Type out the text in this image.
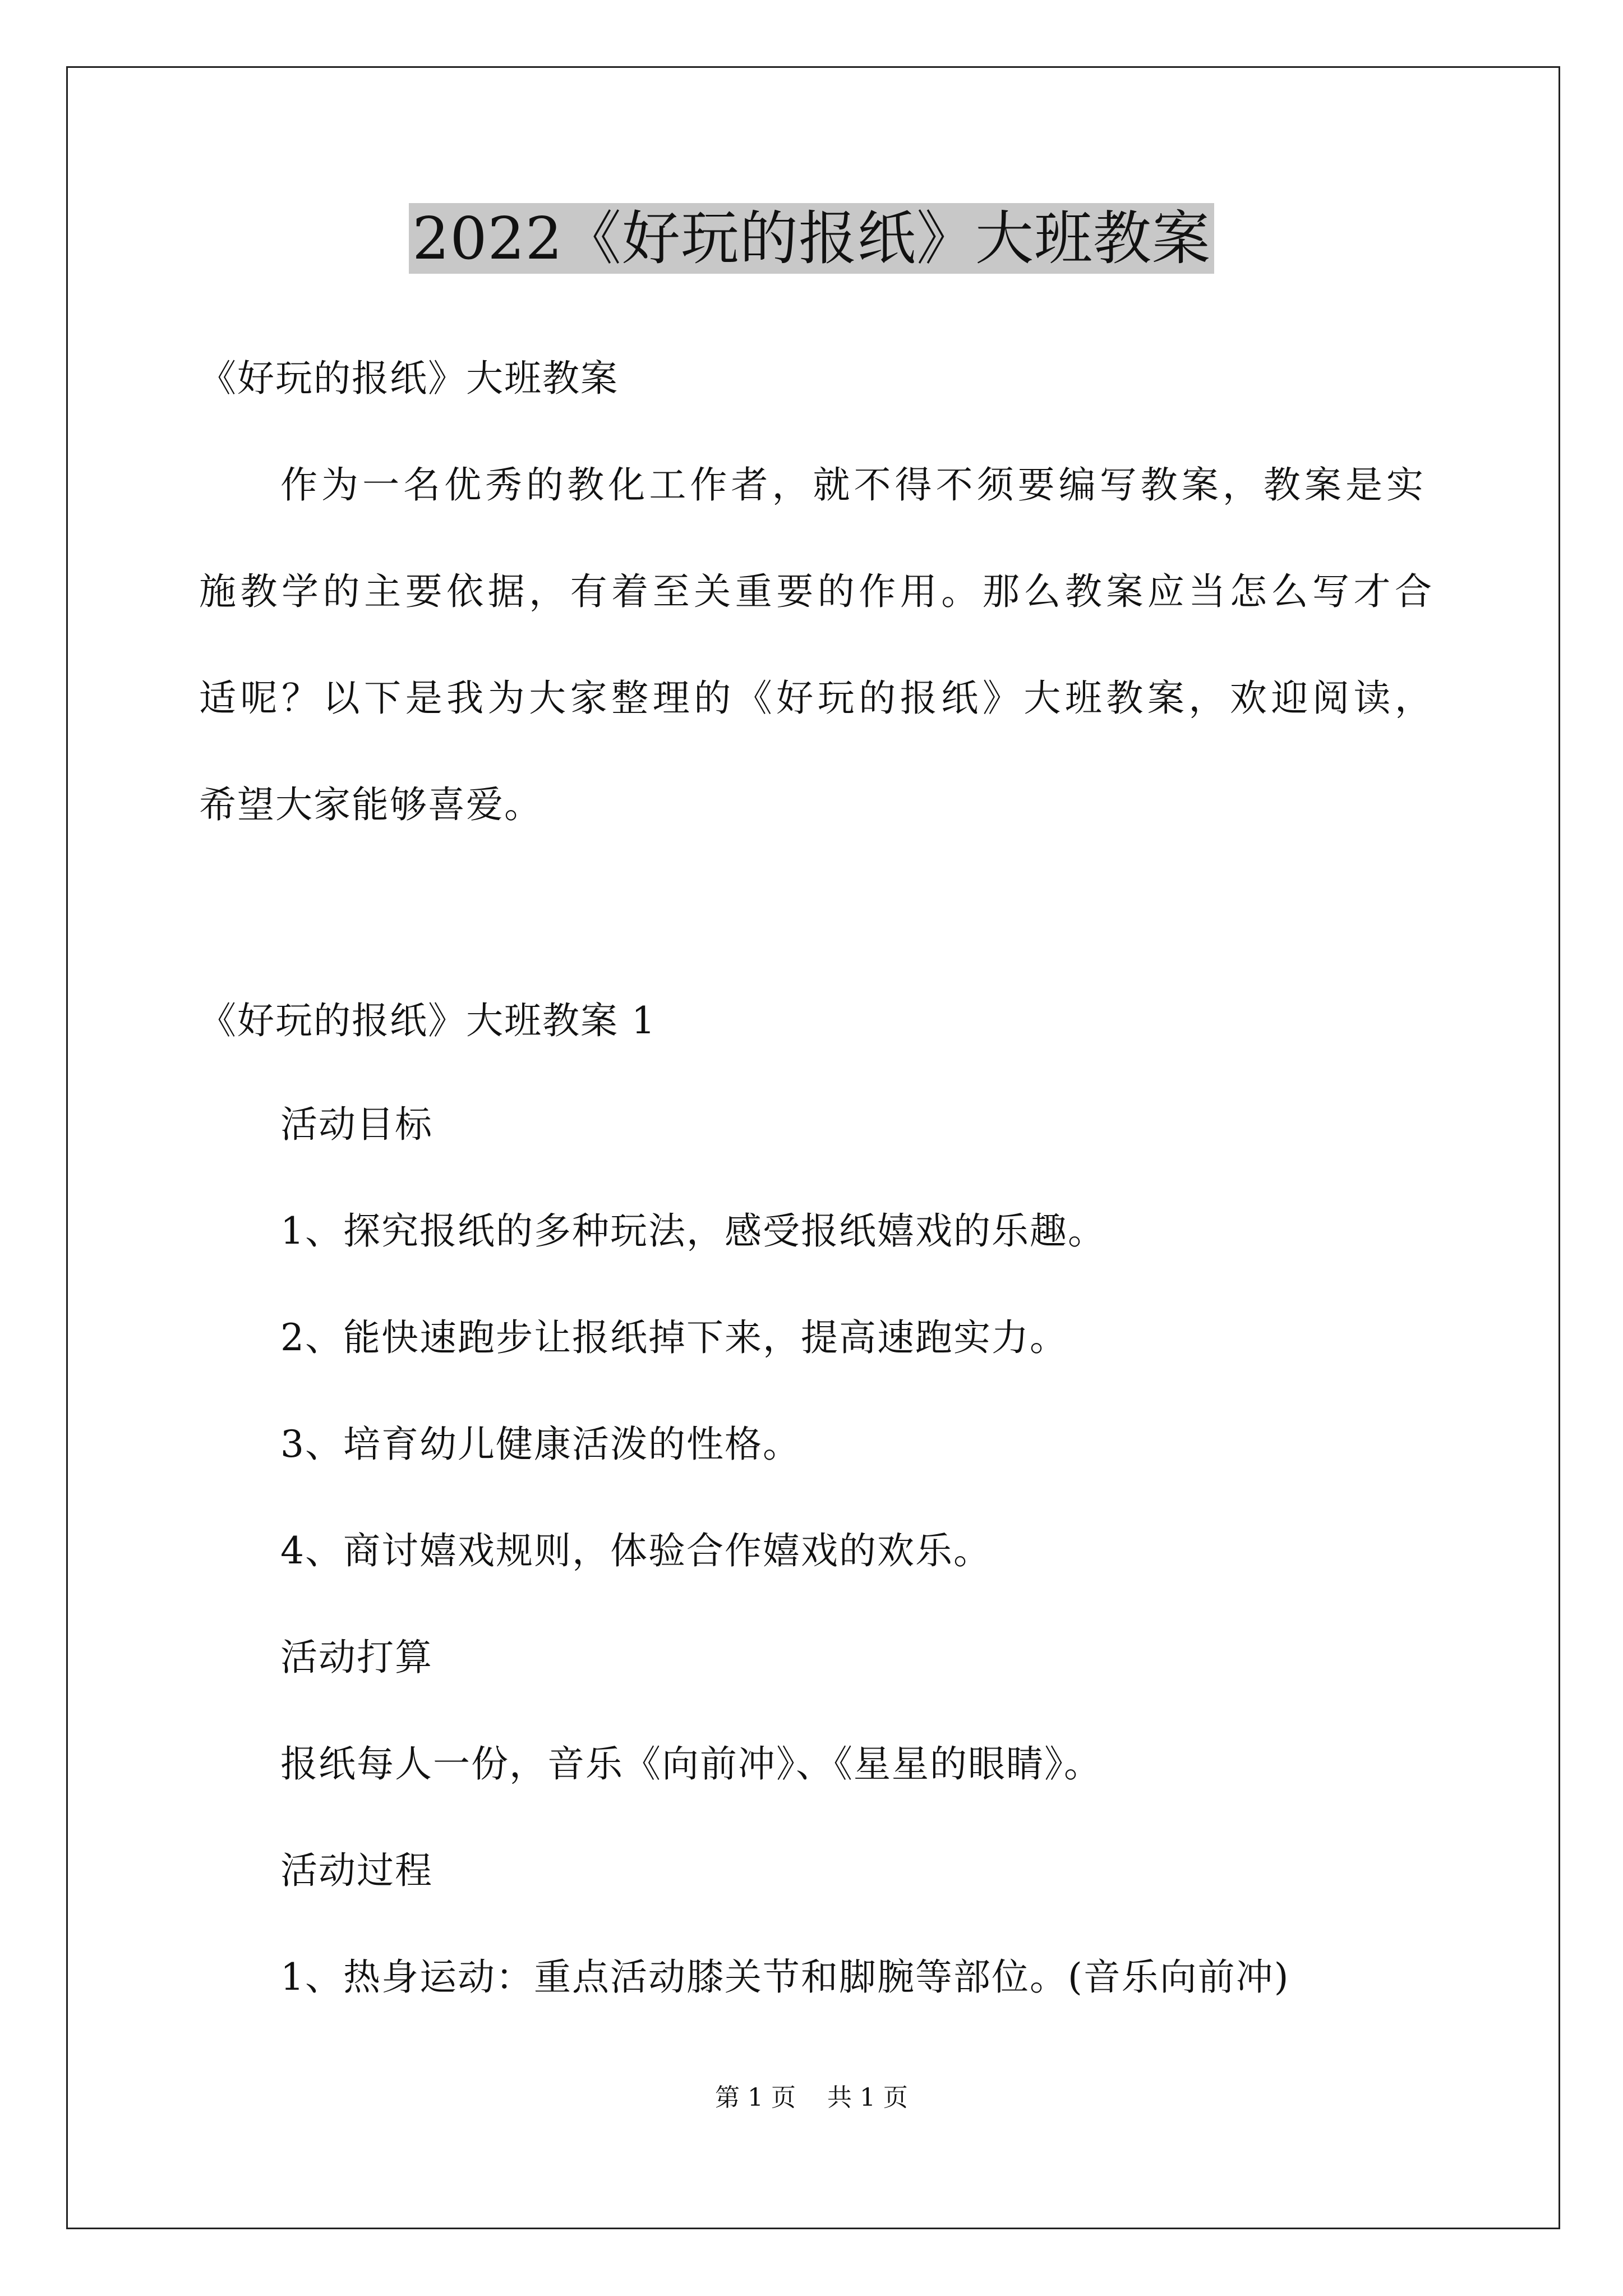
2022《好玩的报纸》大班教案
《好玩的报纸》大班教案
作为一名优秀的教化工作者，就不得不须要编写教案，教案是实
施教学的主要依据，有着至关重要的作用。那么教案应当怎么写才合
适呢？以下是我为大家整理的《好玩的报纸》大班教案，欢迎阅读，
希望大家能够喜爱。
《好玩的报纸》大班教案 1
活动目标
1、探究报纸的多种玩法，感受报纸嬉戏的乐趣。
2、能快速跑步让报纸掉下来，提高速跑实力。
3、培育幼儿健康活泼的性格。
4、商讨嬉戏规则，体验合作嬉戏的欢乐。
活动打算
报纸每人一份，音乐《向前冲》、《星星的眼睛》。
活动过程
1、热身运动：重点活动膝关节和脚腕等部位。(音乐向前冲)
第 1 页    共 1 页
